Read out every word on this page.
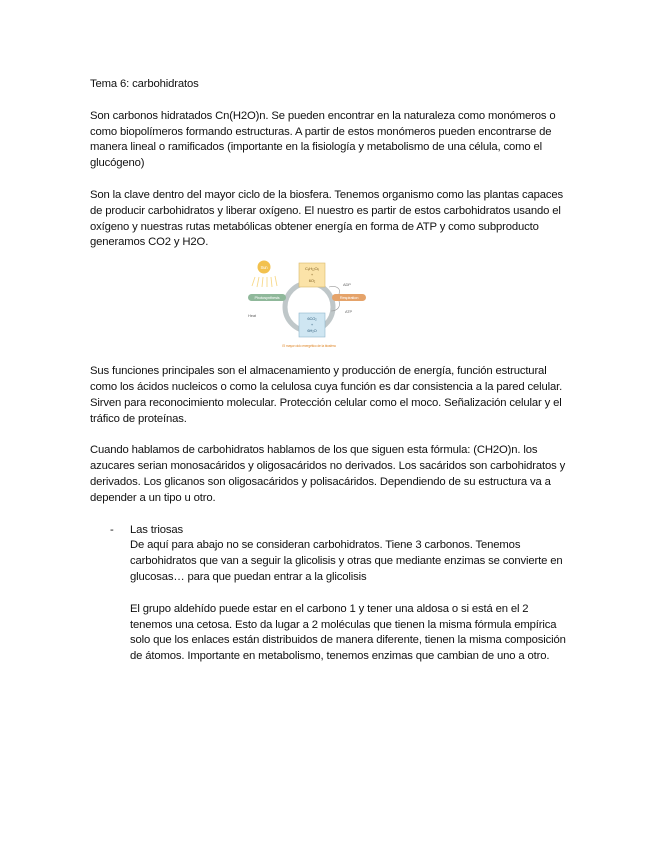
Tema 6: carbohidratos

Son carbonos hidratados Cn(H2O)n. Se pueden encontrar en la naturaleza como monómeros o como biopolímeros formando estructuras. A partir de estos monómeros pueden encontrarse de manera lineal o ramificados (importante en la fisiología y metabolismo de una célula, como el glucógeno)

Son la clave dentro del mayor ciclo de la biosfera. Tenemos organismo como las plantas capaces de producir carbohidratos y liberar oxígeno. El nuestro es partir de estos carbohidratos usando el oxígeno y nuestras rutas metabólicas obtener energía en forma de ATP y como subproducto generamos CO2 y H2O.

Sun	C₆H₁₂O₆
+
6O₂
6CO₂
+
6H₂O
Photosynthesis	Respiration
ADP
ATP
Heat
El mayor ciclo energético de la biosfera

Sus funciones principales son el almacenamiento y producción de energía, función estructural como los ácidos nucleicos o como la celulosa cuya función es dar consistencia a la pared celular. Sirven para reconocimiento molecular. Protección celular como el moco. Señalización celular y el tráfico de proteínas.

Cuando hablamos de carbohidratos hablamos de los que siguen esta fórmula: (CH2O)n. los azucares serian monosacáridos y oligosacáridos no derivados. Los sacáridos son carbohidratos y derivados. Los glicanos son oligosacáridos y polisacáridos. Dependiendo de su estructura va a depender a un tipo u otro.

- Las triosas

De aquí para abajo no se consideran carbohidratos. Tiene 3 carbonos. Tenemos carbohidratos que van a seguir la glicolisis y otras que mediante enzimas se convierte en glucosas… para que puedan entrar a la glicolisis

El grupo aldehído puede estar en el carbono 1 y tener una aldosa o si está en el 2 tenemos una cetosa. Esto da lugar a 2 moléculas que tienen la misma fórmula empírica solo que los enlaces están distribuidos de manera diferente, tienen la misma composición de átomos. Importante en metabolismo, tenemos enzimas que cambian de uno a otro.
